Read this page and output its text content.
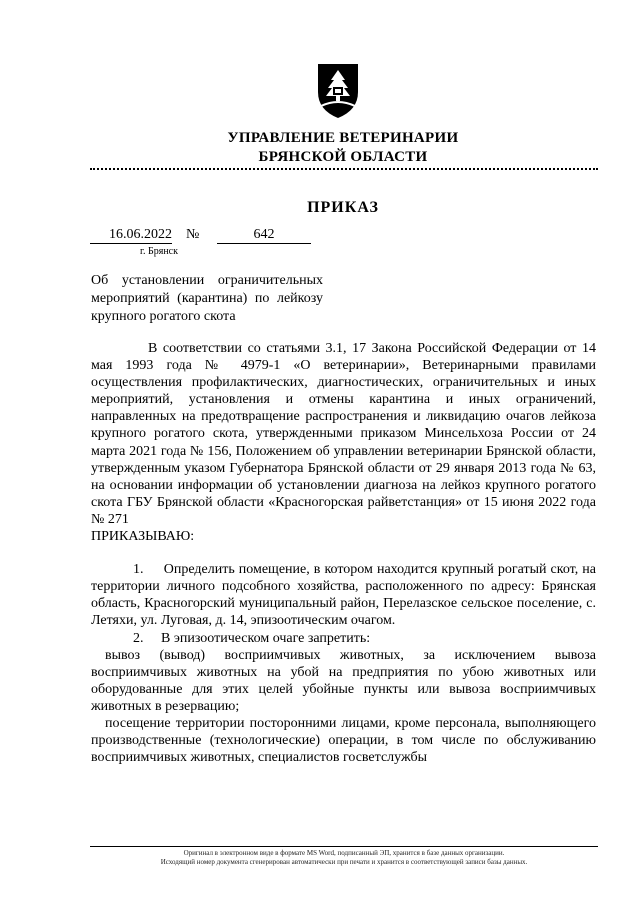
УПРАВЛЕНИЕ ВЕТЕРИНАРИИ
БРЯНСКОЙ ОБЛАСТИ
ПРИКАЗ
16.06.2022 №	642
г. Брянск
Об установлении ограничительных мероприятий (карантина) по лейкозу крупного рогатого скота

В соответствии со статьями 3.1, 17 Закона Российской Федерации от 14 мая 1993 года № 4979-1 «О ветеринарии», Ветеринарными правилами осуществления профилактических, диагностических, ограничительных и иных мероприятий, установления и отмены карантина и иных ограничений, направленных на предотвращение распространения и ликвидацию очагов лейкоза крупного рогатого скота, утвержденными приказом Минсельхоза России от 24 марта 2021 года № 156, Положением об управлении ветеринарии Брянской области, утвержденным указом Губернатора Брянской области от 29 января 2013 года № 63, на основании информации об установлении диагноза на лейкоз крупного рогатого скота ГБУ Брянской области «Красногорская райветстанция» от 15 июня 2022 года № 271

ПРИКАЗЫВАЮ:

1.     Определить помещение, в котором находится крупный рогатый скот, на территории личного подсобного хозяйства, расположенного по адресу: Брянская область, Красногорский муниципальный район, Перелазское сельское поселение, с. Летяхи, ул. Луговая, д. 14, эпизоотическим очагом.

2.     В эпизоотическом очаге запретить:

вывоз (вывод) восприимчивых животных, за исключением вывоза восприимчивых животных на убой на предприятия по убою животных или оборудованные для этих целей убойные пункты или вывоза восприимчивых животных в резервацию;

посещение территории посторонними лицами, кроме персонала, выполняющего производственные (технологические) операции, в том числе по обслуживанию восприимчивых животных, специалистов госветслужбы

Оригинал в электронном виде в формате MS Word, подписанный ЭП, хранится в базе данных организации.
Исходящий номер документа сгенерирован автоматически при печати и хранится в соответствующей записи базы данных.
